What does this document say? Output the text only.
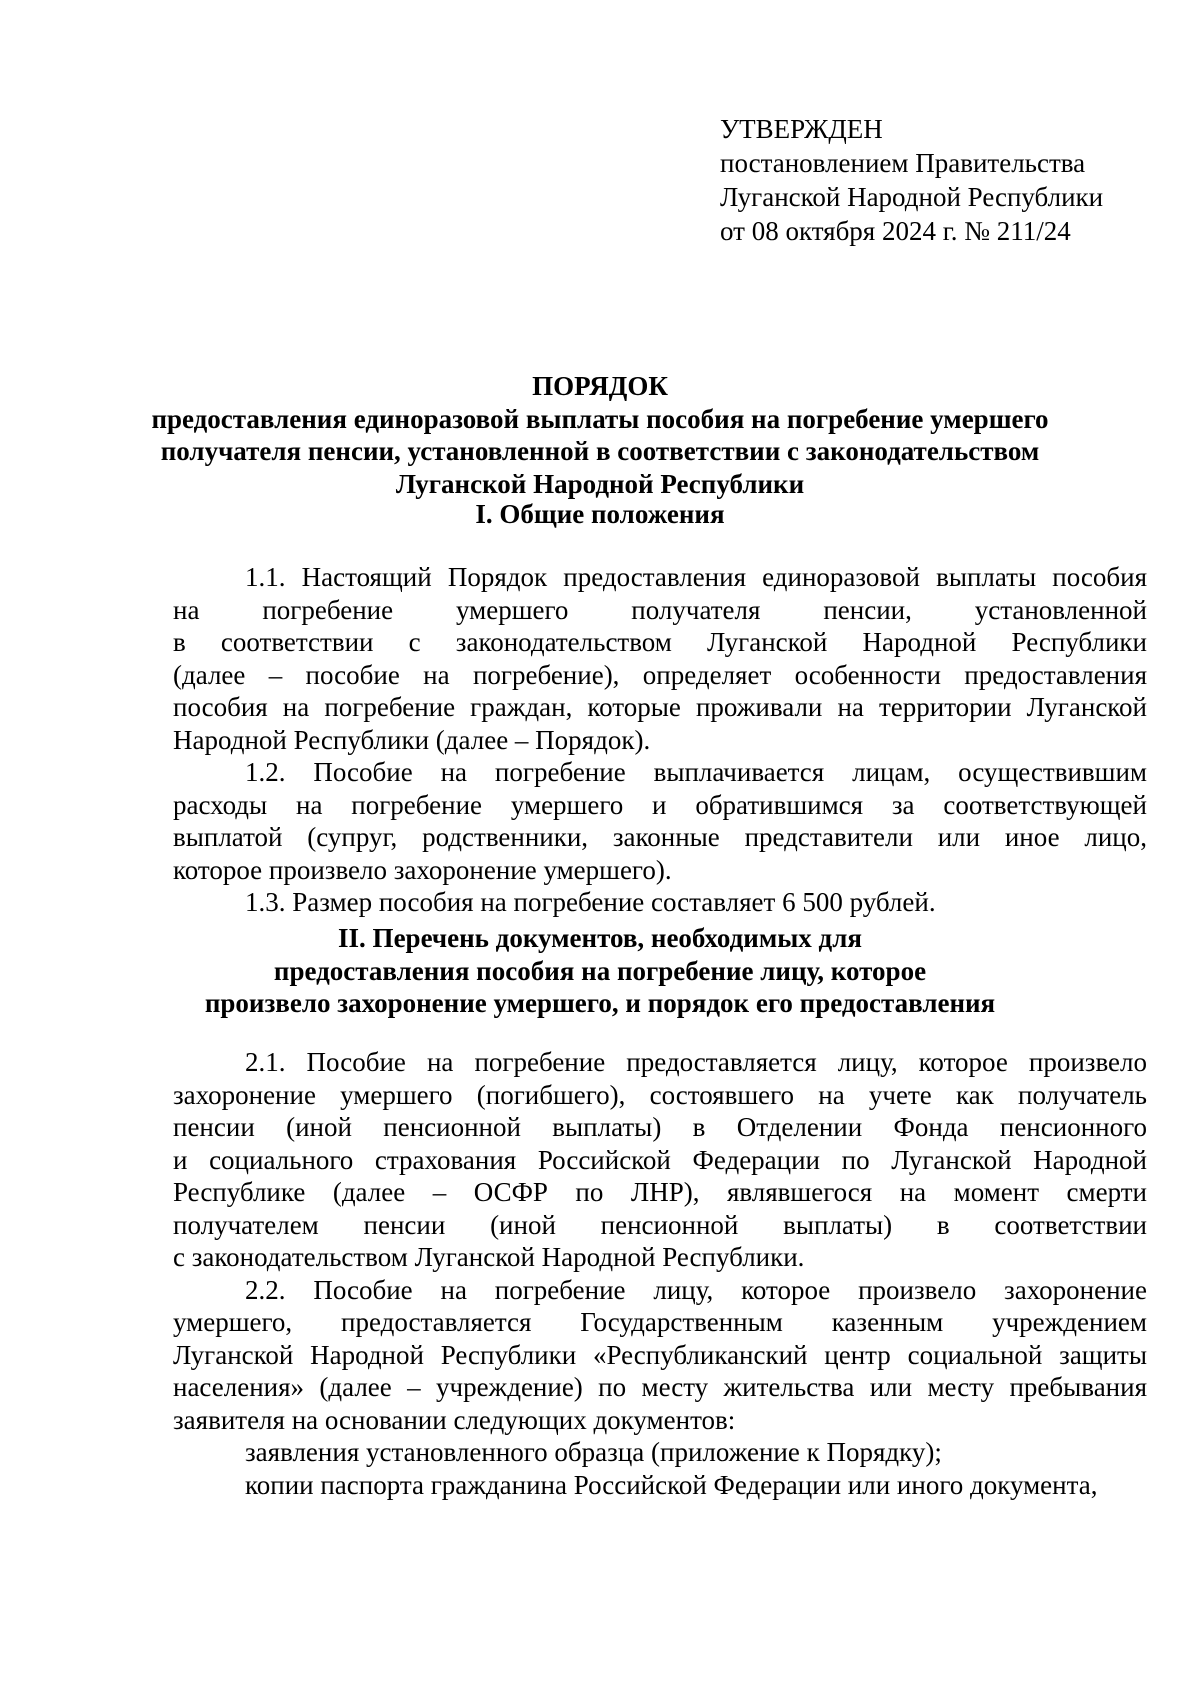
УТВЕРЖДЕН
постановлением Правительства
Луганской Народной Республики
от 08 октября 2024 г. № 211/24
ПОРЯДОК
предоставления единоразовой выплаты пособия на погребение умершего
получателя пенсии, установленной в соответствии с законодательством
Луганской Народной Республики
I. Общие положения
1.1. Настоящий Порядок предоставления единоразовой выплаты пособия
на погребение умершего получателя пенсии, установленной
в соответствии с законодательством Луганской Народной Республики
(далее – пособие на погребение), определяет особенности предоставления
пособия на погребение граждан, которые проживали на территории Луганской
Народной Республики (далее – Порядок).
1.2. Пособие на погребение выплачивается лицам, осуществившим
расходы на погребение умершего и обратившимся за соответствующей
выплатой (супруг, родственники, законные представители или иное лицо,
которое произвело захоронение умершего).
1.3. Размер пособия на погребение составляет 6 500 рублей.
II. Перечень документов, необходимых для
предоставления пособия на погребение лицу, которое
произвело захоронение умершего, и порядок его предоставления
2.1. Пособие на погребение предоставляется лицу, которое произвело
захоронение умершего (погибшего), состоявшего на учете как получатель
пенсии (иной пенсионной выплаты) в Отделении Фонда пенсионного
и социального страхования Российской Федерации по Луганской Народной
Республике (далее – ОСФР по ЛНР), являвшегося на момент смерти
получателем пенсии (иной пенсионной выплаты) в соответствии
с законодательством Луганской Народной Республики.
2.2. Пособие на погребение лицу, которое произвело захоронение
умершего, предоставляется Государственным казенным учреждением
Луганской Народной Республики «Республиканский центр социальной защиты
населения» (далее – учреждение) по месту жительства или месту пребывания
заявителя на основании следующих документов:
заявления установленного образца (приложение к Порядку);
копии паспорта гражданина Российской Федерации или иного документа,
